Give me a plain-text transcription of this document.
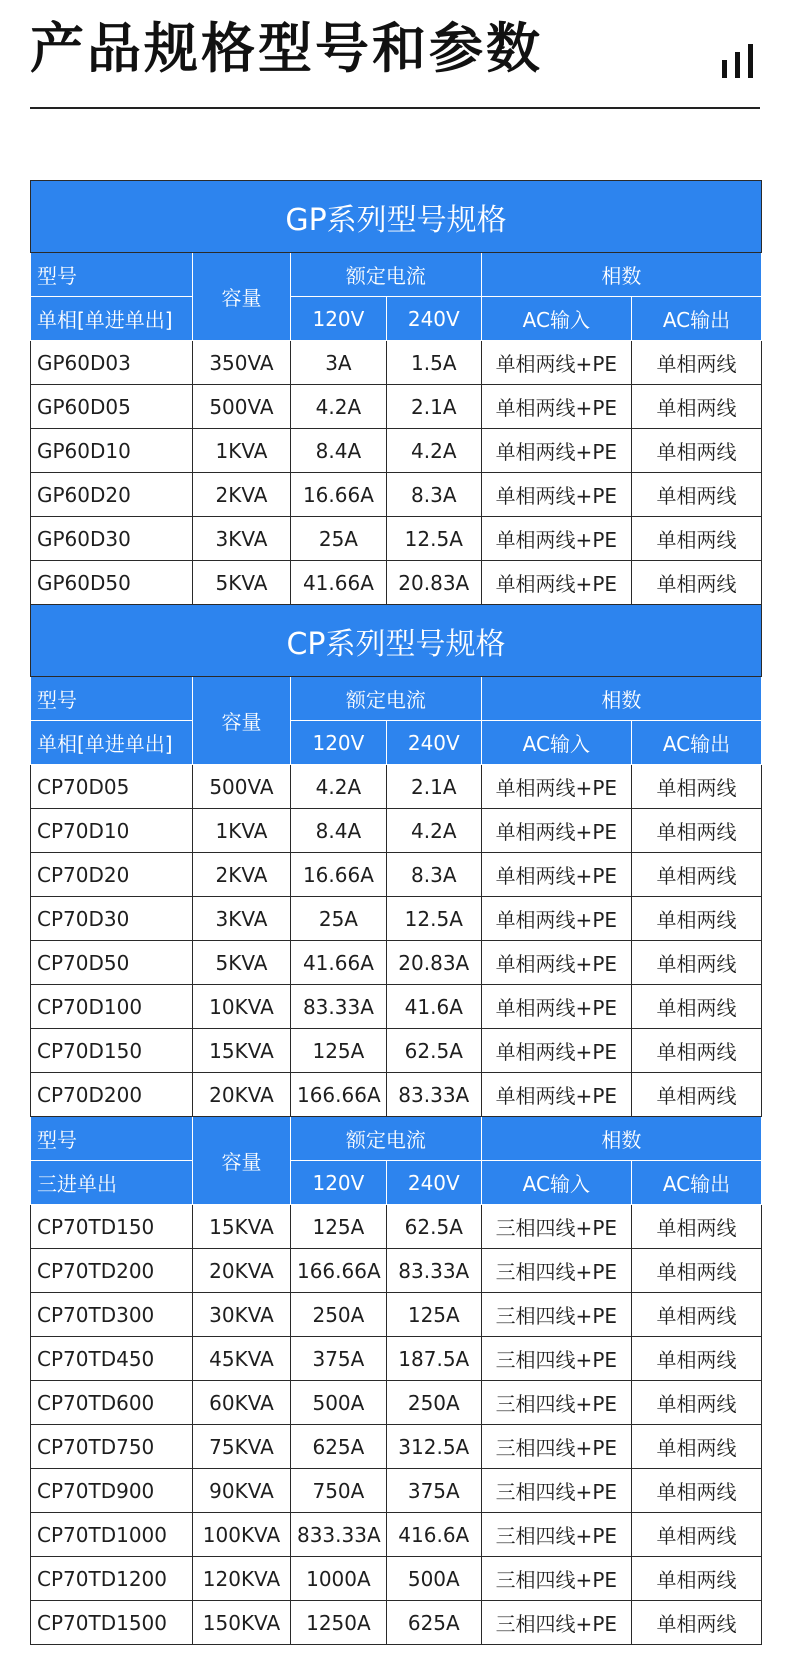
产品规格型号和参数
GP系列型号规格					
型号	容量	额定电流		相数	
单相[单进单出]		120V	240V	AC输入	AC输出
GP60D03	350VA	3A	1.5A	单相两线+PE	单相两线
GP60D05	500VA	4.2A	2.1A	单相两线+PE	单相两线
GP60D10	1KVA	8.4A	4.2A	单相两线+PE	单相两线
GP60D20	2KVA	16.66A	8.3A	单相两线+PE	单相两线
GP60D30	3KVA	25A	12.5A	单相两线+PE	单相两线
GP60D50	5KVA	41.66A	20.83A	单相两线+PE	单相两线
CP系列型号规格					
型号	容量	额定电流		相数	
单相[单进单出]		120V	240V	AC输入	AC输出
CP70D05	500VA	4.2A	2.1A	单相两线+PE	单相两线
CP70D10	1KVA	8.4A	4.2A	单相两线+PE	单相两线
CP70D20	2KVA	16.66A	8.3A	单相两线+PE	单相两线
CP70D30	3KVA	25A	12.5A	单相两线+PE	单相两线
CP70D50	5KVA	41.66A	20.83A	单相两线+PE	单相两线
CP70D100	10KVA	83.33A	41.6A	单相两线+PE	单相两线
CP70D150	15KVA	125A	62.5A	单相两线+PE	单相两线
CP70D200	20KVA	166.66A	83.33A	单相两线+PE	单相两线
型号	容量	额定电流		相数	
三进单出		120V	240V	AC输入	AC输出
CP70TD150	15KVA	125A	62.5A	三相四线+PE	单相两线
CP70TD200	20KVA	166.66A	83.33A	三相四线+PE	单相两线
CP70TD300	30KVA	250A	125A	三相四线+PE	单相两线
CP70TD450	45KVA	375A	187.5A	三相四线+PE	单相两线
CP70TD600	60KVA	500A	250A	三相四线+PE	单相两线
CP70TD750	75KVA	625A	312.5A	三相四线+PE	单相两线
CP70TD900	90KVA	750A	375A	三相四线+PE	单相两线
CP70TD1000	100KVA	833.33A	416.6A	三相四线+PE	单相两线
CP70TD1200	120KVA	1000A	500A	三相四线+PE	单相两线
CP70TD1500	150KVA	1250A	625A	三相四线+PE	单相两线
